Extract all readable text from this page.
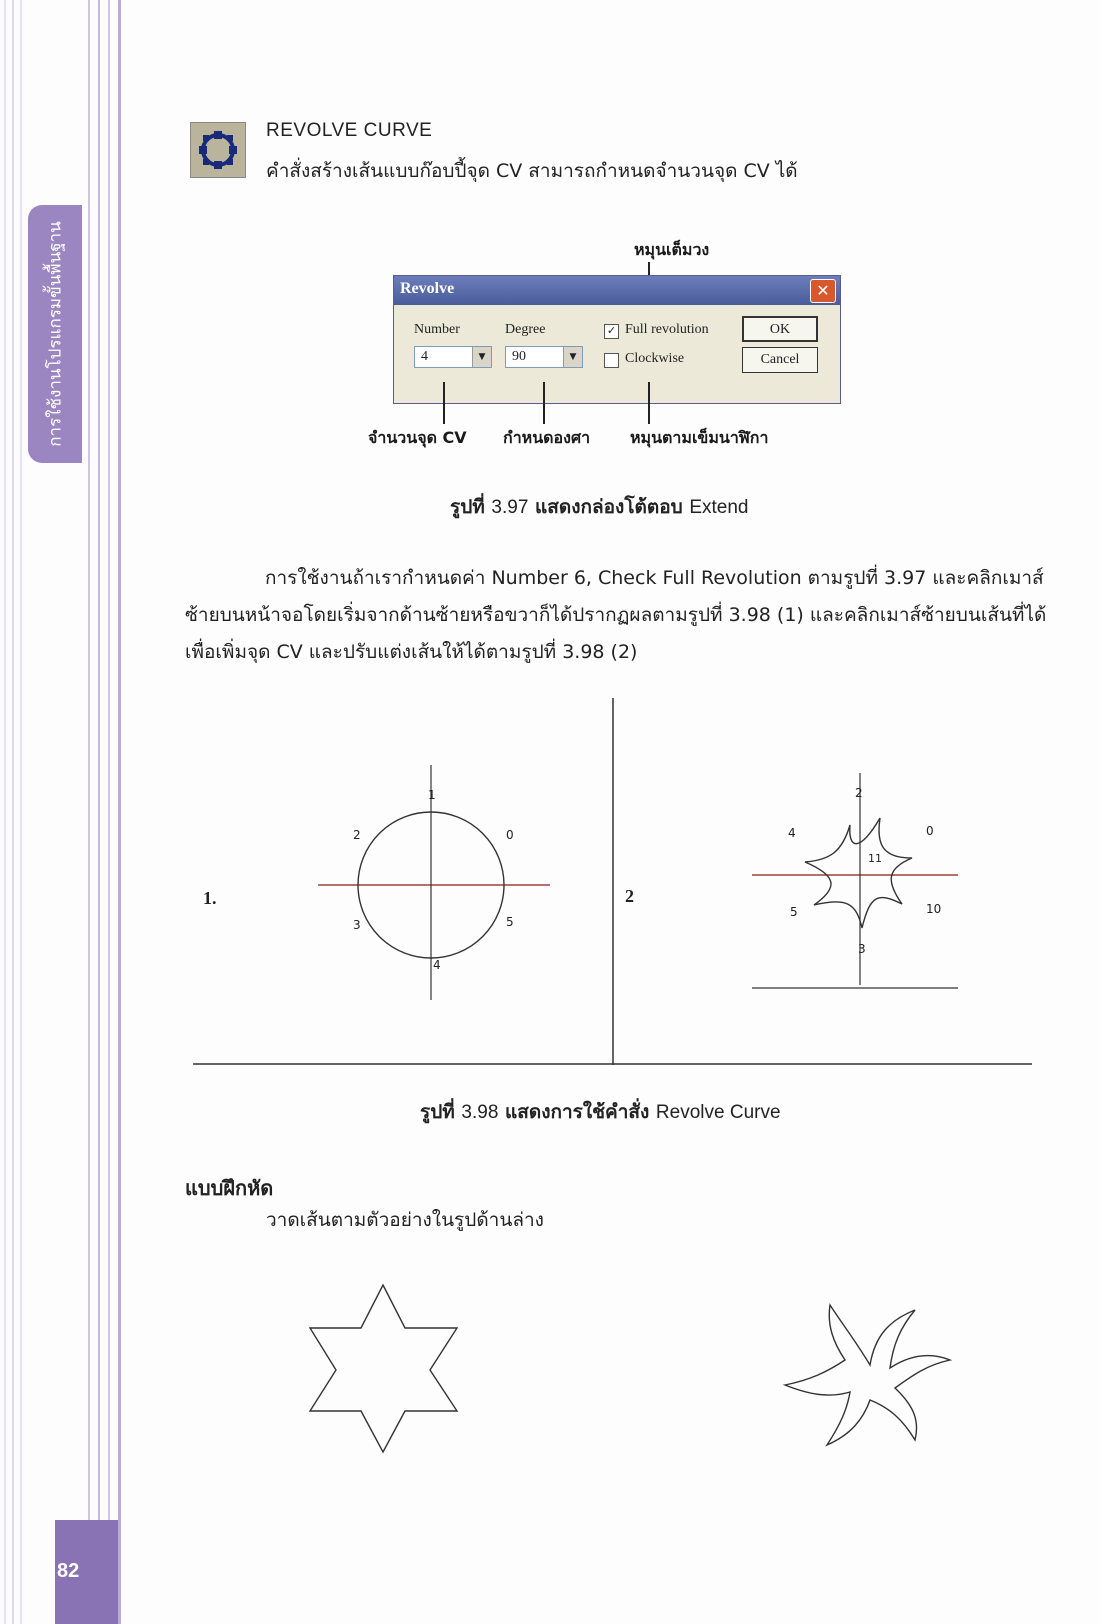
การใช้งานโปรแกรมขั้นพื้นฐาน
82
REVOLVE CURVE
คำสั่งสร้างเส้นแบบก๊อบปี้จุด CV สามารถกำหนดจำนวนจุด CV ได้
หมุนเต็มวง
Revolve	✕
Number
4	▼
Degree
90	▼
✓ Full revolution
Clockwise
OK
Cancel
จำนวนจุด CV กำหนดองศา หมุนตามเข็มนาฬิกา
รูปที่ 3.97 แสดงกล่องโต้ตอบ Extend
การใช้งานถ้าเรากำหนดค่า Number 6, Check Full Revolution ตามรูปที่ 3.97 และคลิกเมาส์ซ้ายบนหน้าจอโดยเริ่มจากด้านซ้ายหรือขวาก็ได้ปรากฏผลตามรูปที่ 3.98 (1) และคลิกเมาส์ซ้ายบนเส้นที่ได้เพื่อเพิ่มจุด CV และปรับแต่งเส้นให้ได้ตามรูปที่ 3.98 (2)
1.	2
1
2
3
4
5
0
2
4
5
3
0
10
11
รูปที่ 3.98 แสดงการใช้คำสั่ง Revolve Curve
แบบฝึกหัด
วาดเส้นตามตัวอย่างในรูปด้านล่าง
